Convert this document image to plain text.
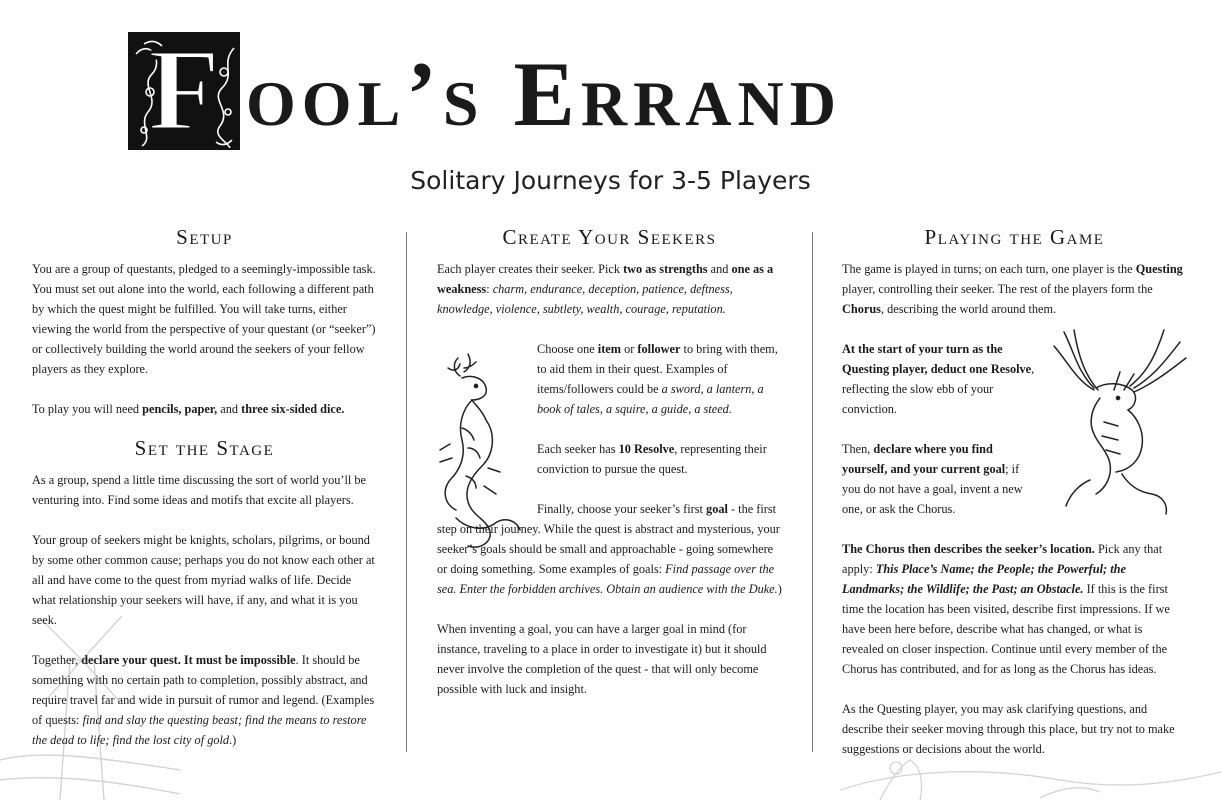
F ool’s Errand
Solitary Journeys for 3-5 Players
Setup

You are a group of questants, pledged to a seemingly-impossible task. You must set out alone into the world, each following a different path by which the quest might be fulfilled. You will take turns, either viewing the world from the perspective of your questant (or “seeker”) or collectively building the world around the seekers of your fellow players as they explore.

To play you will need pencils, paper, and three six-sided dice.

Set the Stage

As a group, spend a little time discussing the sort of world you’ll be venturing into. Find some ideas and motifs that excite all players.

Your group of seekers might be knights, scholars, pilgrims, or bound by some other common cause; perhaps you do not know each other at all and have come to the quest from myriad walks of life. Decide what relationship your seekers will have, if any, and what it is you seek.

Together, declare your quest. It must be impossible. It should be something with no certain path to completion, possibly abstract, and require travel far and wide in pursuit of rumor and legend. (Examples of quests: find and slay the questing beast; find the means to restore the dead to life; find the lost city of gold.)

Create Your Seekers

Each player creates their seeker. Pick two as strengths and one as a weakness: charm, endurance, deception, patience, deftness, knowledge, violence, subtlety, wealth, courage, reputation.

Choose one item or follower to bring with them, to aid them in their quest. Examples of items/followers could be a sword, a lantern, a book of tales, a squire, a guide, a steed.

Each seeker has 10 Resolve, representing their conviction to pursue the quest.

Finally, choose your seeker’s first goal - the first step on their journey. While the quest is abstract and mysterious, your seeker’s goals should be small and approachable - going somewhere or doing something. Some examples of goals: Find passage over the sea. Enter the forbidden archives. Obtain an audience with the Duke.)

When inventing a goal, you can have a larger goal in mind (for instance, traveling to a place in order to investigate it) but it should never involve the completion of the quest - that will only become possible with luck and insight.

Playing the Game

The game is played in turns; on each turn, one player is the Questing player, controlling their seeker. The rest of the players form the Chorus, describing the world around them.

At the start of your turn as the Questing player, deduct one Resolve, reflecting the slow ebb of your conviction.

Then, declare where you find yourself, and your current goal; if you do not have a goal, invent a new one, or ask the Chorus.

The Chorus then describes the seeker’s location. Pick any that apply: This Place’s Name; the People; the Powerful; the Landmarks; the Wildlife; the Past; an Obstacle. If this is the first time the location has been visited, describe first impressions. If we have been here before, describe what has changed, or what is revealed on closer inspection. Continue until every member of the Chorus has contributed, and for as long as the Chorus has ideas.

As the Questing player, you may ask clarifying questions, and describe their seeker moving through this place, but try not to make suggestions or decisions about the world.
